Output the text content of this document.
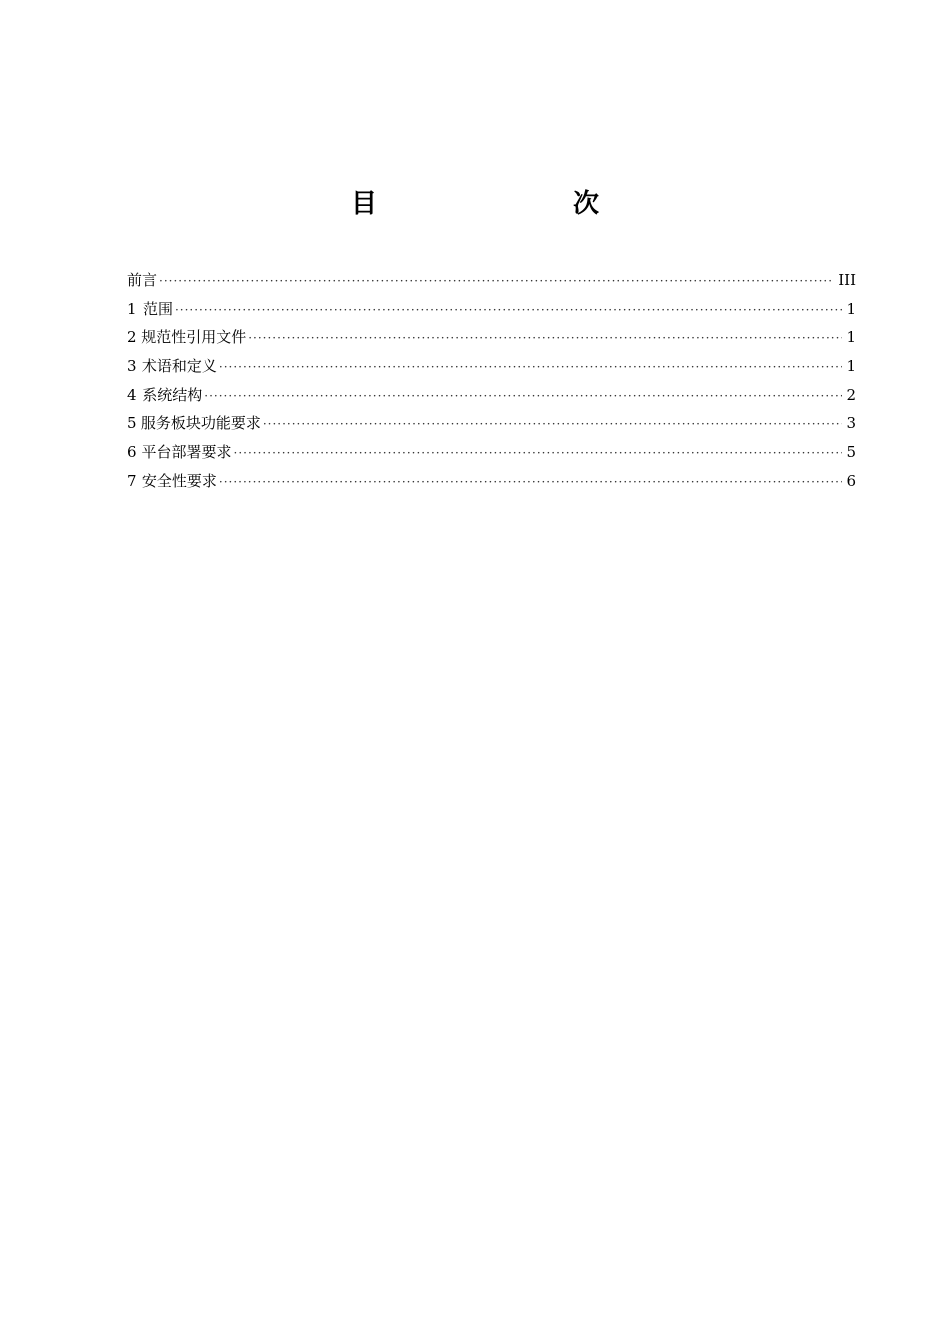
目　　次
前言 ·····	III
1 范围 ·····	1
2 规范性引用文件 ·····	1
3 术语和定义 ·····	1
4 系统结构 ·····	2
5 服务板块功能要求 ·····	3
6 平台部署要求 ·····	5
7 安全性要求 ·····	6
